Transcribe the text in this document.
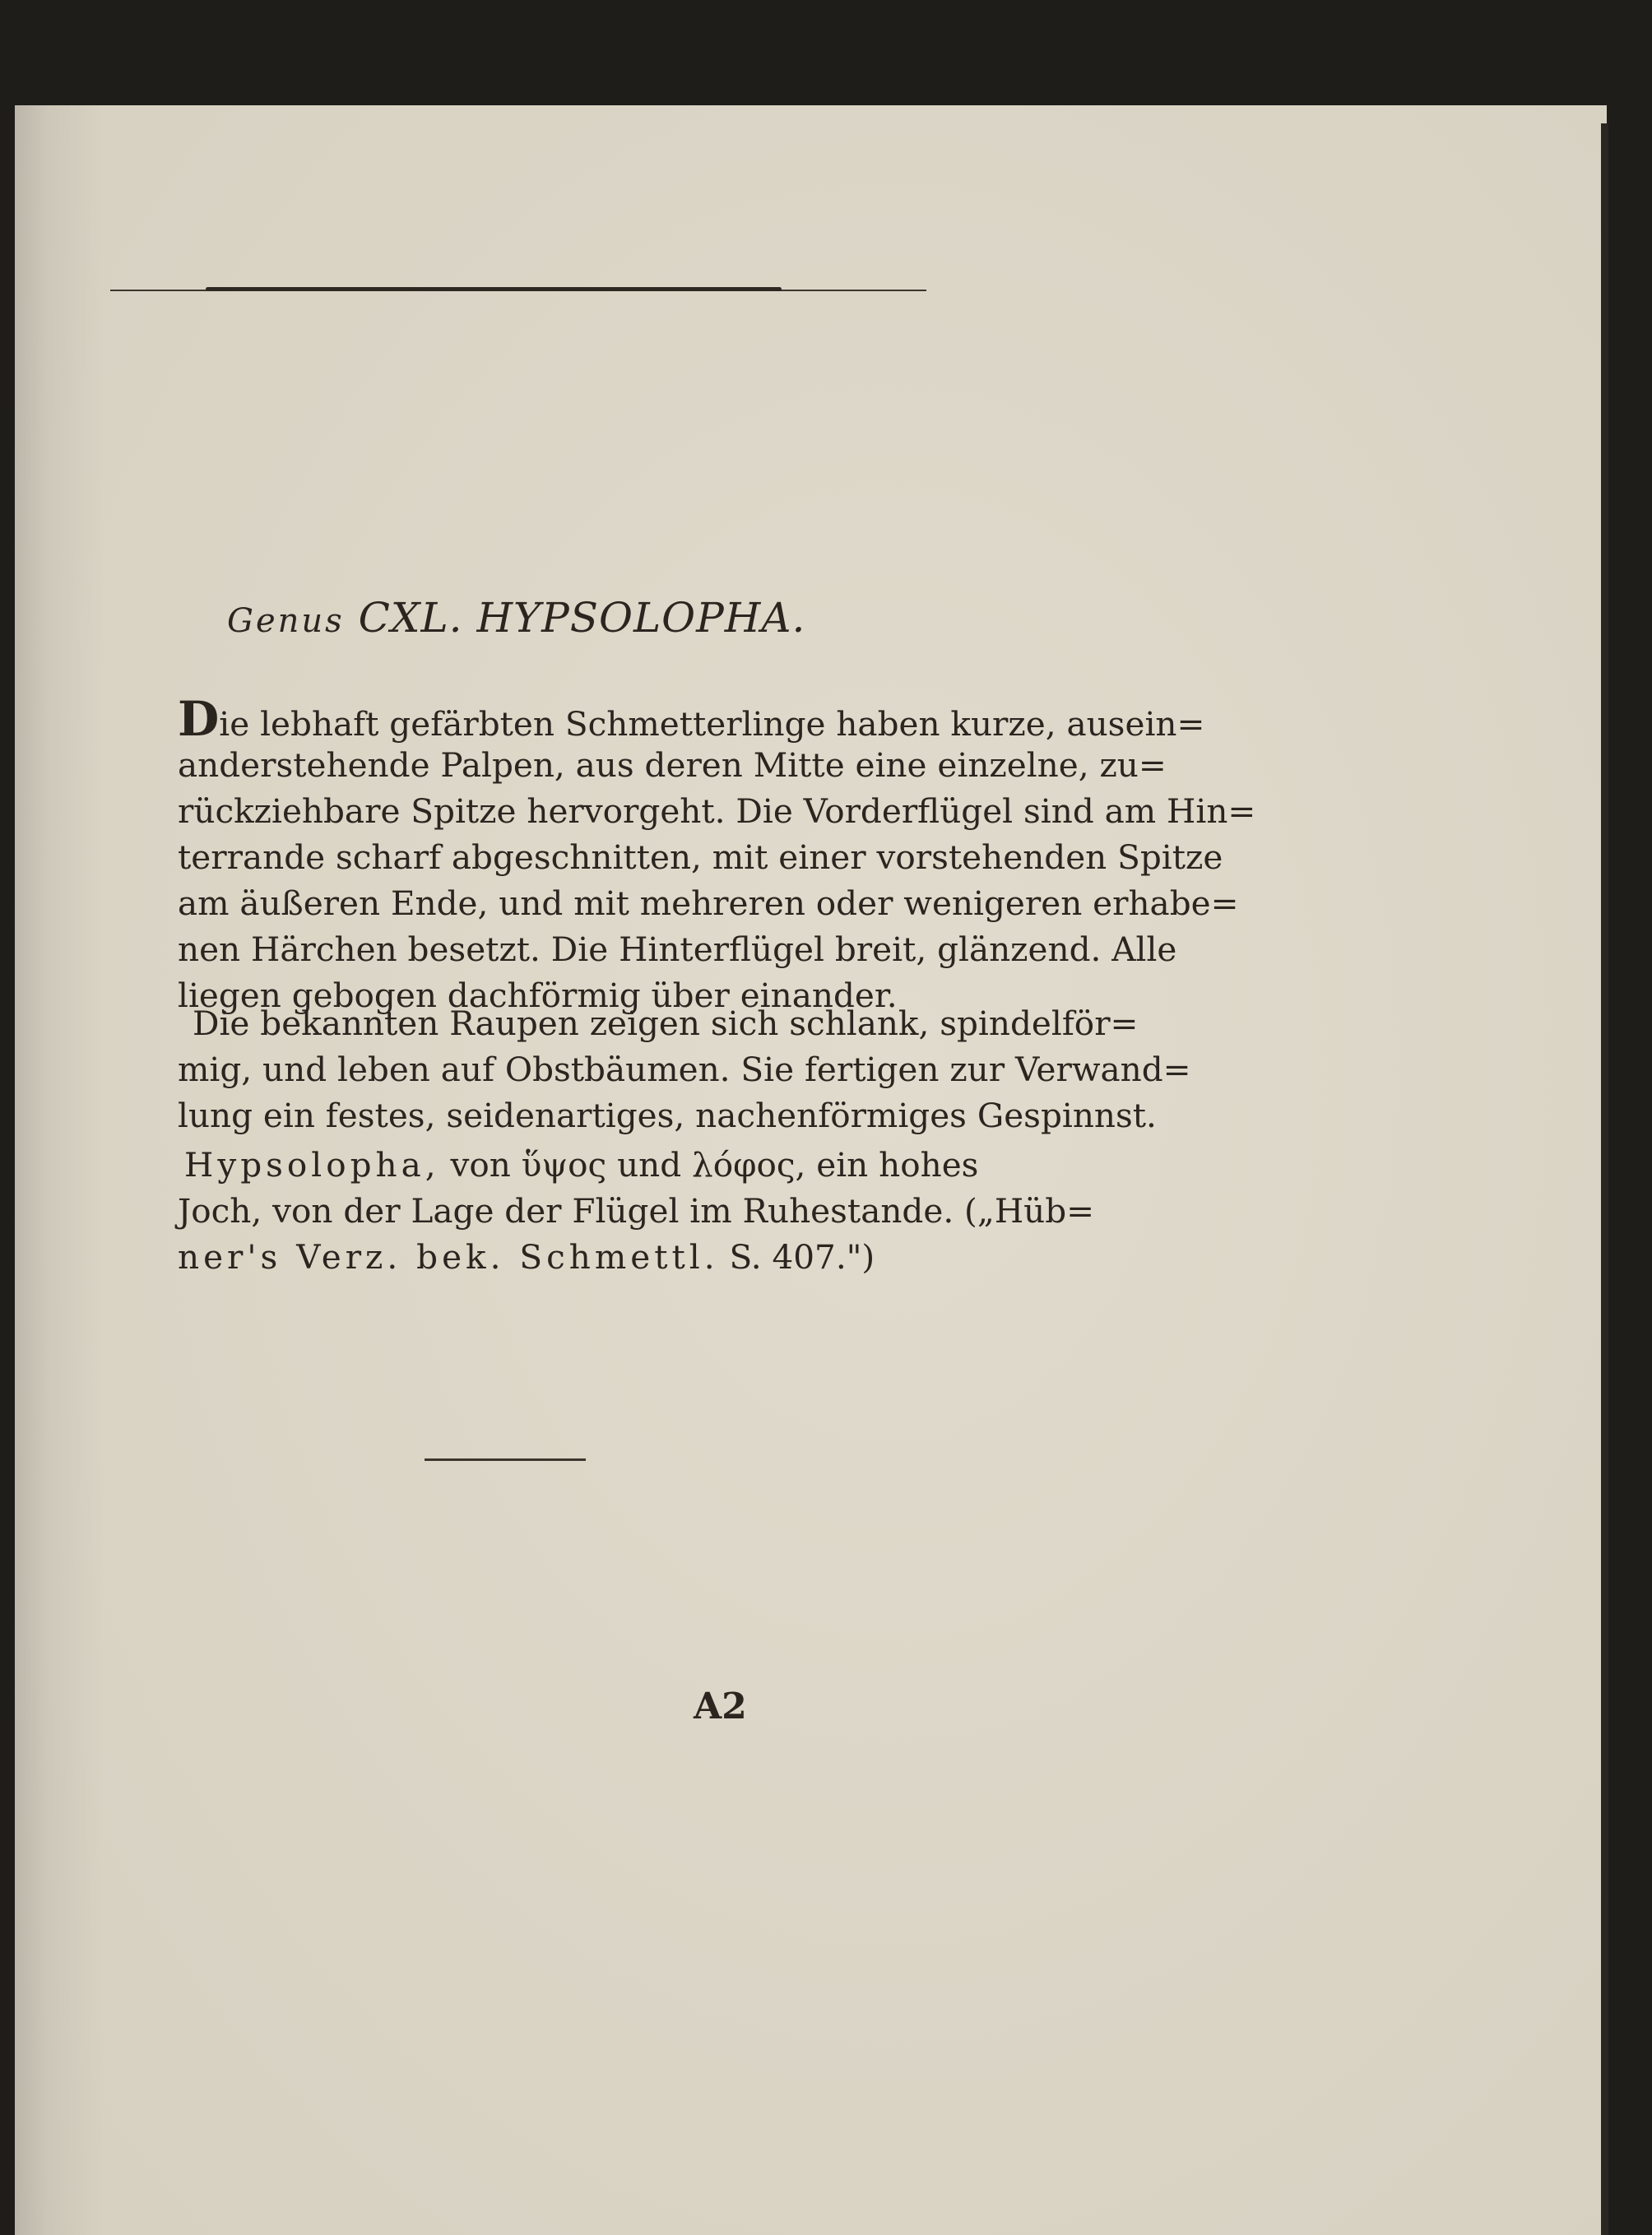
Genus CXL. HYPSOLOPHA.
Die lebhaft gefärbten Schmetterlinge haben kurze, ausein=
anderstehende Palpen, aus deren Mitte eine einzelne, zu=
rückziehbare Spitze hervorgeht. Die Vorderflügel sind am Hin=
terrande scharf abgeschnitten, mit einer vorstehenden Spitze
am äußeren Ende, und mit mehreren oder wenigeren erhabe=
nen Härchen besetzt. Die Hinterflügel breit, glänzend. Alle
liegen gebogen dachförmig über einander.
Die bekannten Raupen zeigen sich schlank, spindelför=
mig, und leben auf Obstbäumen. Sie fertigen zur Verwand=
lung ein festes, seidenartiges, nachenförmiges Gespinnst.
Hypsolopha, von ὕψος und λόφος, ein hohes
Joch, von der Lage der Flügel im Ruhestande. („Hüb=
ner's Verz. bek. Schmettl. S. 407.")
A2
